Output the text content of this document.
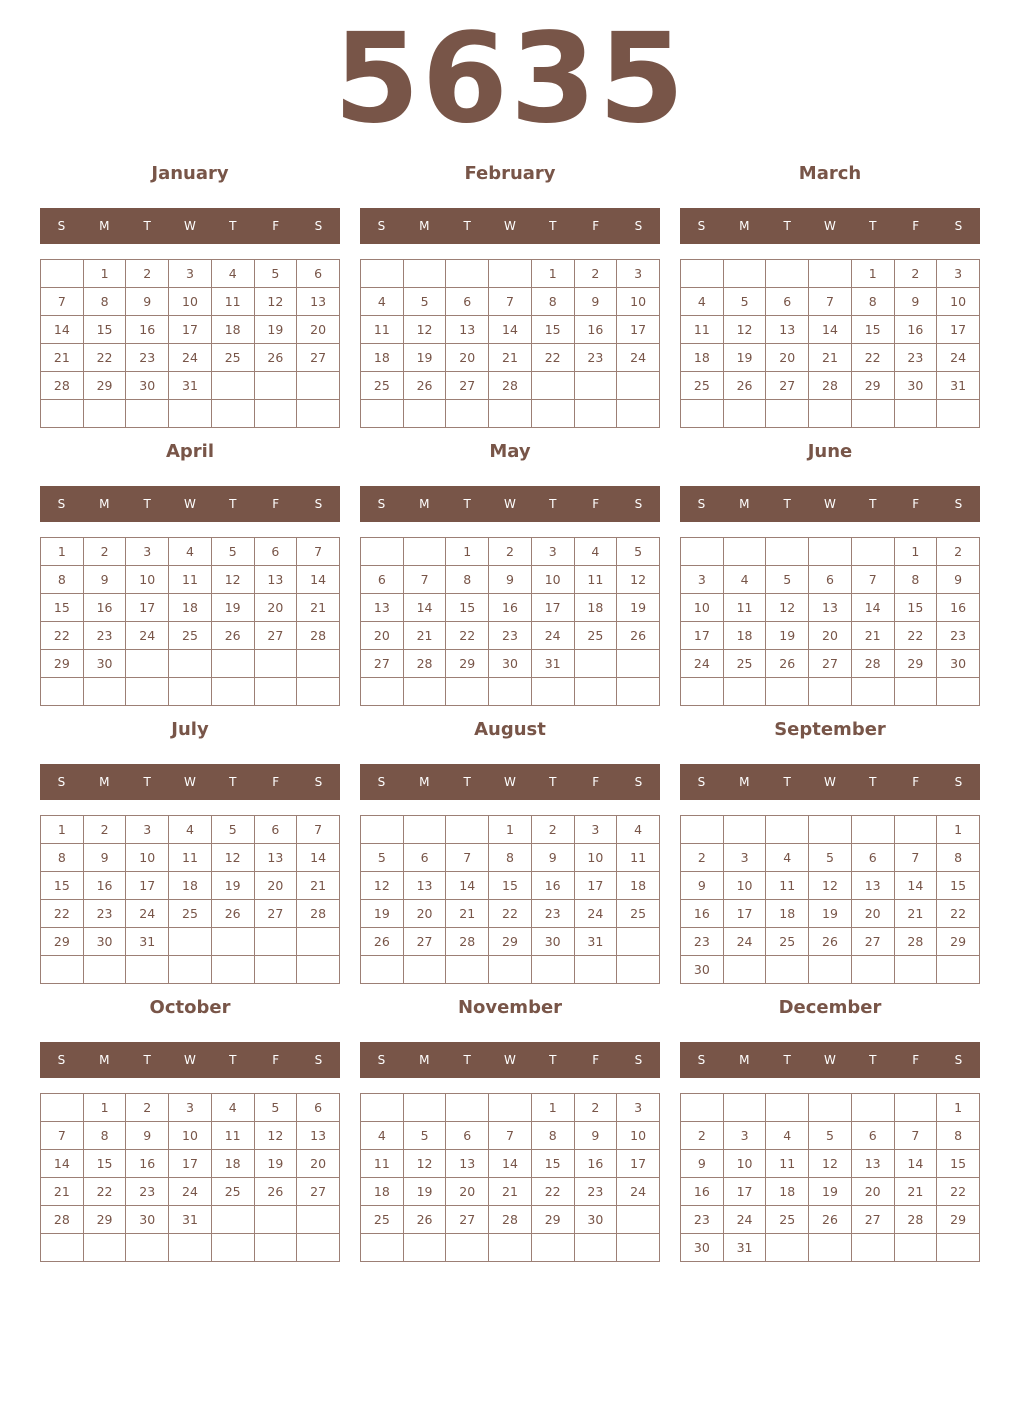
5635
January
S	M	T	W	T	F	S
	1	2	3	4	5	6
7	8	9	10	11	12	13
14	15	16	17	18	19	20
21	22	23	24	25	26	27
28	29	30	31			

February
S	M	T	W	T	F	S
				1	2	3
4	5	6	7	8	9	10
11	12	13	14	15	16	17
18	19	20	21	22	23	24
25	26	27	28			

March
S	M	T	W	T	F	S
				1	2	3
4	5	6	7	8	9	10
11	12	13	14	15	16	17
18	19	20	21	22	23	24
25	26	27	28	29	30	31

April
S	M	T	W	T	F	S
1	2	3	4	5	6	7
8	9	10	11	12	13	14
15	16	17	18	19	20	21
22	23	24	25	26	27	28
29	30					

May
S	M	T	W	T	F	S
		1	2	3	4	5
6	7	8	9	10	11	12
13	14	15	16	17	18	19
20	21	22	23	24	25	26
27	28	29	30	31		

June
S	M	T	W	T	F	S
					1	2
3	4	5	6	7	8	9
10	11	12	13	14	15	16
17	18	19	20	21	22	23
24	25	26	27	28	29	30

July
S	M	T	W	T	F	S
1	2	3	4	5	6	7
8	9	10	11	12	13	14
15	16	17	18	19	20	21
22	23	24	25	26	27	28
29	30	31				

August
S	M	T	W	T	F	S
			1	2	3	4
5	6	7	8	9	10	11
12	13	14	15	16	17	18
19	20	21	22	23	24	25
26	27	28	29	30	31	

September
S	M	T	W	T	F	S
						1
2	3	4	5	6	7	8
9	10	11	12	13	14	15
16	17	18	19	20	21	22
23	24	25	26	27	28	29
30						
October
S	M	T	W	T	F	S
	1	2	3	4	5	6
7	8	9	10	11	12	13
14	15	16	17	18	19	20
21	22	23	24	25	26	27
28	29	30	31			

November
S	M	T	W	T	F	S
				1	2	3
4	5	6	7	8	9	10
11	12	13	14	15	16	17
18	19	20	21	22	23	24
25	26	27	28	29	30	

December
S	M	T	W	T	F	S
						1
2	3	4	5	6	7	8
9	10	11	12	13	14	15
16	17	18	19	20	21	22
23	24	25	26	27	28	29
30	31					
